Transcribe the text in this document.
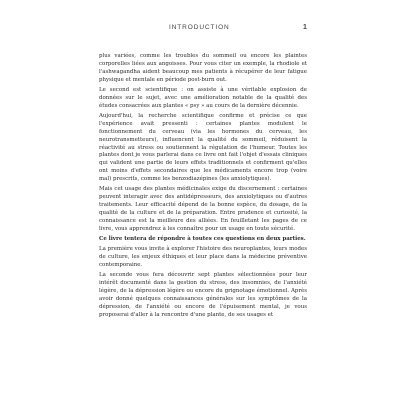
INTRODUCTION	1

plus variées, comme les troubles du sommeil ou encore les plaintes corporelles liées aux angoisses. Pour vous citer un exemple, la rhodiole et l'ashwagandha aident beaucoup mes patients à récupérer de leur fatigue physique et mentale en période post-burn out.

Le second est scientifique : on assiste à une véritable explosion de données sur le sujet, avec une amélioration notable de la qualité des études consacrées aux plantes « psy » au cours de la dernière décennie.

Aujourd'hui, la recherche scientifique confirme et précise ce que l'expérience avait pressenti : certaines plantes modulent le fonctionnement du cerveau (via les hormones du cerveau, les neurotransmetteurs), influencent la qualité du sommeil, réduisent la réactivité au stress ou soutiennent la régulation de l'humeur. Toutes les plantes dont je vous parlerai dans ce livre ont fait l'objet d'essais cliniques qui valident une partie de leurs effets traditionnels et confirment qu'elles ont moins d'effets secondaires que les médicaments encore trop (voire mal) prescrits, comme les benzodiazépines (les anxiolytiques).

Mais cet usage des plantes médicinales exige du discernement : certaines peuvent interagir avec des antidépresseurs, des anxiolytiques ou d'autres traitements. Leur efficacité dépend de la bonne espèce, du dosage, de la qualité de la culture et de la préparation. Entre prudence et curiosité, la connaissance est la meilleure des alliées. En feuilletant les pages de ce livre, vous apprendrez à les connaître pour un usage en toute sécurité.

Ce livre tentera de répondre à toutes ces questions en deux parties.

La première vous invite à explorer l'histoire des neuroplantes, leurs modes de culture, les enjeux éthiques et leur place dans la médecine préventive contemporaine.

La seconde vous fera découvrir sept plantes sélectionnées pour leur intérêt documenté dans la gestion du stress, des insomnies, de l'anxiété légère, de la dépression légère ou encore du grignotage émotionnel. Après avoir donné quelques connaissances générales sur les symptômes de la dépression, de l'anxiété ou encore de l'épuisement mental, je vous proposerai d'aller à la rencontre d'une plante, de ses usages et
